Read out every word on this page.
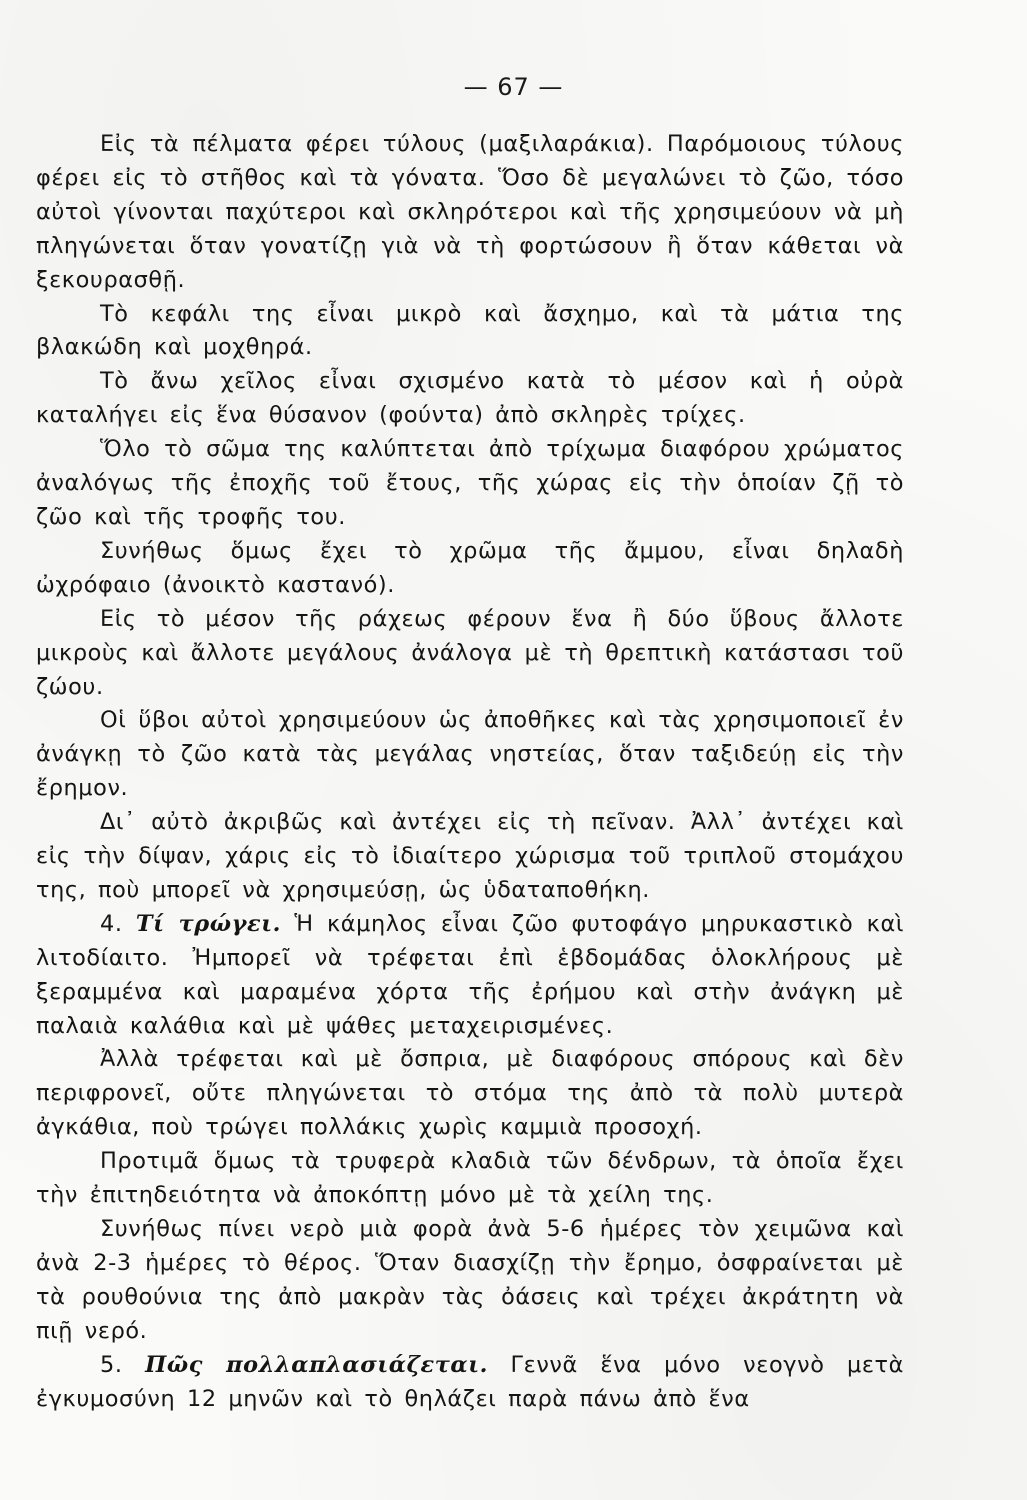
— 67 —

Εἰς τὰ πέλματα φέρει τύλους (μαξιλαράκια). Παρόμοιους τύλους φέρει εἰς τὸ στῆθος καὶ τὰ γόνατα. Ὅσο δὲ μεγαλώνει τὸ ζῶο, τόσο αὐτοὶ γίνονται παχύτεροι καὶ σκληρότεροι καὶ τῆς χρησιμεύουν νὰ μὴ πληγώνεται ὅταν γονατίζῃ γιὰ νὰ τὴ φορτώσουν ἢ ὅταν κάθεται νὰ ξεκουρασθῇ.

Τὸ κεφάλι της εἶναι μικρὸ καὶ ἄσχημο, καὶ τὰ μάτια της βλακώδη καὶ μοχθηρά.

Τὸ ἄνω χεῖλος εἶναι σχισμένο κατὰ τὸ μέσον καὶ ἡ οὐρὰ καταλήγει εἰς ἕνα θύσανον (φούντα) ἀπὸ σκληρὲς τρίχες.

Ὅλο τὸ σῶμα της καλύπτεται ἀπὸ τρίχωμα διαφόρου χρώματος ἀναλόγως τῆς ἐποχῆς τοῦ ἔτους, τῆς χώρας εἰς τὴν ὁποίαν ζῇ τὸ ζῶο καὶ τῆς τροφῆς του.

Συνήθως ὅμως ἔχει τὸ χρῶμα τῆς ἄμμου, εἶναι δηλαδὴ ὠχρόφαιο (ἀνοικτὸ καστανό).

Εἰς τὸ μέσον τῆς ράχεως φέρουν ἕνα ἢ δύο ὕβους ἄλλοτε μικροὺς καὶ ἄλλοτε μεγάλους ἀνάλογα μὲ τὴ θρεπτικὴ κατάστασι τοῦ ζώου.

Οἱ ὕβοι αὐτοὶ χρησιμεύουν ὡς ἀποθῆκες καὶ τὰς χρησιμοποιεῖ ἐν ἀνάγκῃ τὸ ζῶο κατὰ τὰς μεγάλας νηστείας, ὅταν ταξιδεύῃ εἰς τὴν ἔρημον.

Δι᾽ αὐτὸ ἀκριβῶς καὶ ἀντέχει εἰς τὴ πεῖναν. Ἀλλ᾽ ἀντέχει καὶ εἰς τὴν δίψαν, χάρις εἰς τὸ ἰδιαίτερο χώρισμα τοῦ τριπλοῦ στομάχου της, ποὺ μπορεῖ νὰ χρησιμεύσῃ, ὡς ὑδαταποθήκη.

4. Τί τρώγει. Ἡ κάμηλος εἶναι ζῶο φυτοφάγο μηρυκαστικὸ καὶ λιτοδίαιτο. Ἠμπορεῖ νὰ τρέφεται ἐπὶ ἑβδομάδας ὁλοκλήρους μὲ ξεραμμένα καὶ μαραμένα χόρτα τῆς ἐρήμου καὶ στὴν ἀνάγκη μὲ παλαιὰ καλάθια καὶ μὲ ψάθες μεταχειρισμένες.

Ἀλλὰ τρέφεται καὶ μὲ ὄσπρια, μὲ διαφόρους σπόρους καὶ δὲν περιφρονεῖ, οὔτε πληγώνεται τὸ στόμα της ἀπὸ τὰ πολὺ μυτερὰ ἀγκάθια, ποὺ τρώγει πολλάκις χωρὶς καμμιὰ προσοχή.

Προτιμᾶ ὅμως τὰ τρυφερὰ κλαδιὰ τῶν δένδρων, τὰ ὁποῖα ἔχει τὴν ἐπιτηδειότητα νὰ ἀποκόπτῃ μόνο μὲ τὰ χείλη της.

Συνήθως πίνει νερὸ μιὰ φορὰ ἀνὰ 5-6 ἡμέρες τὸν χειμῶνα καὶ ἀνὰ 2-3 ἡμέρες τὸ θέρος. Ὅταν διασχίζῃ τὴν ἔρημο, ὀσφραίνεται μὲ τὰ ρουθούνια της ἀπὸ μακρὰν τὰς ὀάσεις καὶ τρέχει ἀκράτητη νὰ πιῇ νερό.

5. Πῶς πολλαπλασιάζεται. Γεννᾶ ἕνα μόνο νεογνὸ μετὰ ἐγκυμοσύνη 12 μηνῶν καὶ τὸ θηλάζει παρὰ πάνω ἀπὸ ἕνα
